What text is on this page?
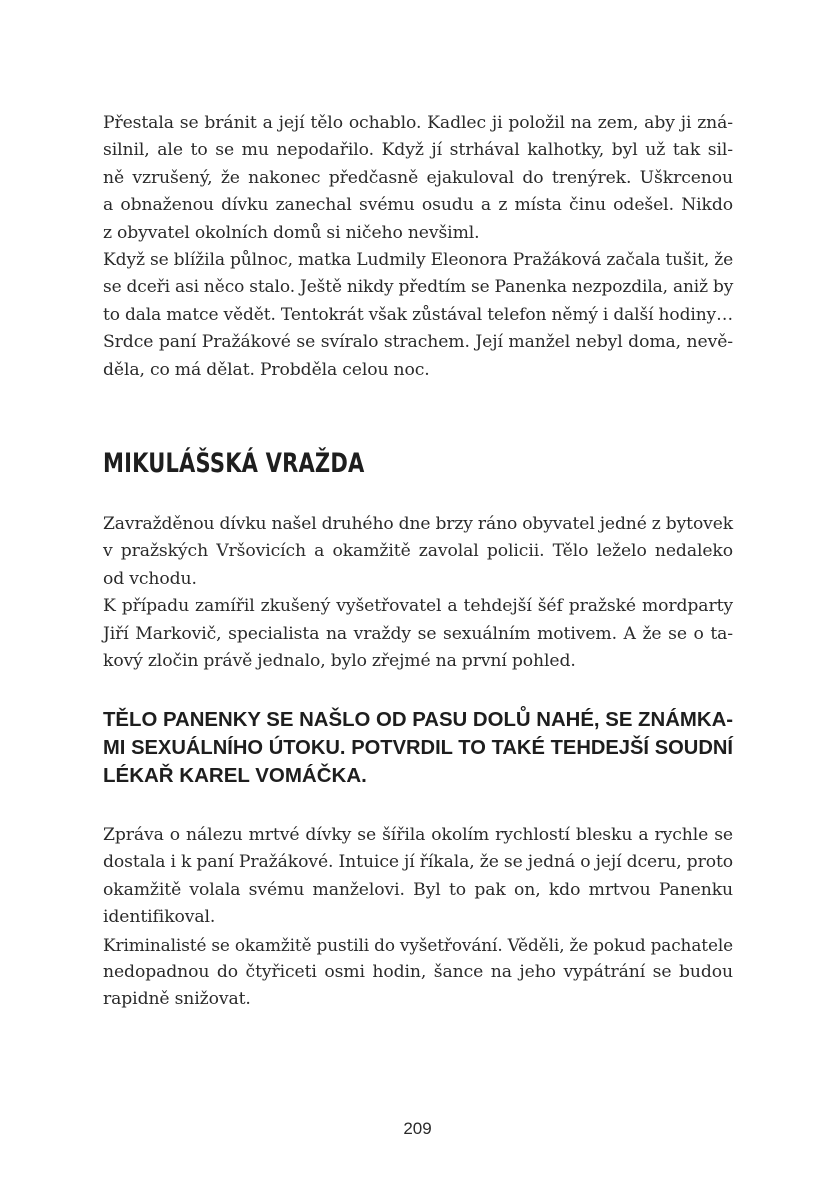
Přestala se bránit a její tělo ochablo. Kadlec ji položil na zem, aby ji zná-
silnil, ale to se mu nepodařilo. Když jí strhával kalhotky, byl už tak sil-
ně vzrušený, že nakonec předčasně ejakuloval do trenýrek. Uškrcenou
a obnaženou dívku zanechal svému osudu a z místa činu odešel. Nikdo
z obyvatel okolních domů si ničeho nevšiml.
Když se blížila půlnoc, matka Ludmily Eleonora Pražáková začala tušit, že
se dceři asi něco stalo. Ještě nikdy předtím se Panenka nezpozdila, aniž by
to dala matce vědět. Tentokrát však zůstával telefon němý i další hodiny…
Srdce paní Pražákové se svíralo strachem. Její manžel nebyl doma, nevě-
děla, co má dělat. Probděla celou noc.
MIKULÁŠSKÁ VRAŽDA
Zavražděnou dívku našel druhého dne brzy ráno obyvatel jedné z bytovek
v pražských Vršovicích a okamžitě zavolal policii. Tělo leželo nedaleko
od vchodu.
K případu zamířil zkušený vyšetřovatel a tehdejší šéf pražské mordparty
Jiří Markovič, specialista na vraždy se sexuálním motivem. A že se o ta-
kový zločin právě jednalo, bylo zřejmé na první pohled.
TĚLO PANENKY SE NAŠLO OD PASU DOLŮ NAHÉ, SE ZNÁMKA-
MI SEXUÁLNÍHO ÚTOKU. POTVRDIL TO TAKÉ TEHDEJŠÍ SOUDNÍ
LÉKAŘ KAREL VOMÁČKA.
Zpráva o nálezu mrtvé dívky se šířila okolím rychlostí blesku a rychle se
dostala i k paní Pražákové. Intuice jí říkala, že se jedná o její dceru, proto
okamžitě volala svému manželovi. Byl to pak on, kdo mrtvou Panenku
identifikoval.
Kriminalisté se okamžitě pustili do vyšetřování. Věděli, že pokud pachatele
nedopadnou do čtyřiceti osmi hodin, šance na jeho vypátrání se budou
rapidně snižovat.
209
